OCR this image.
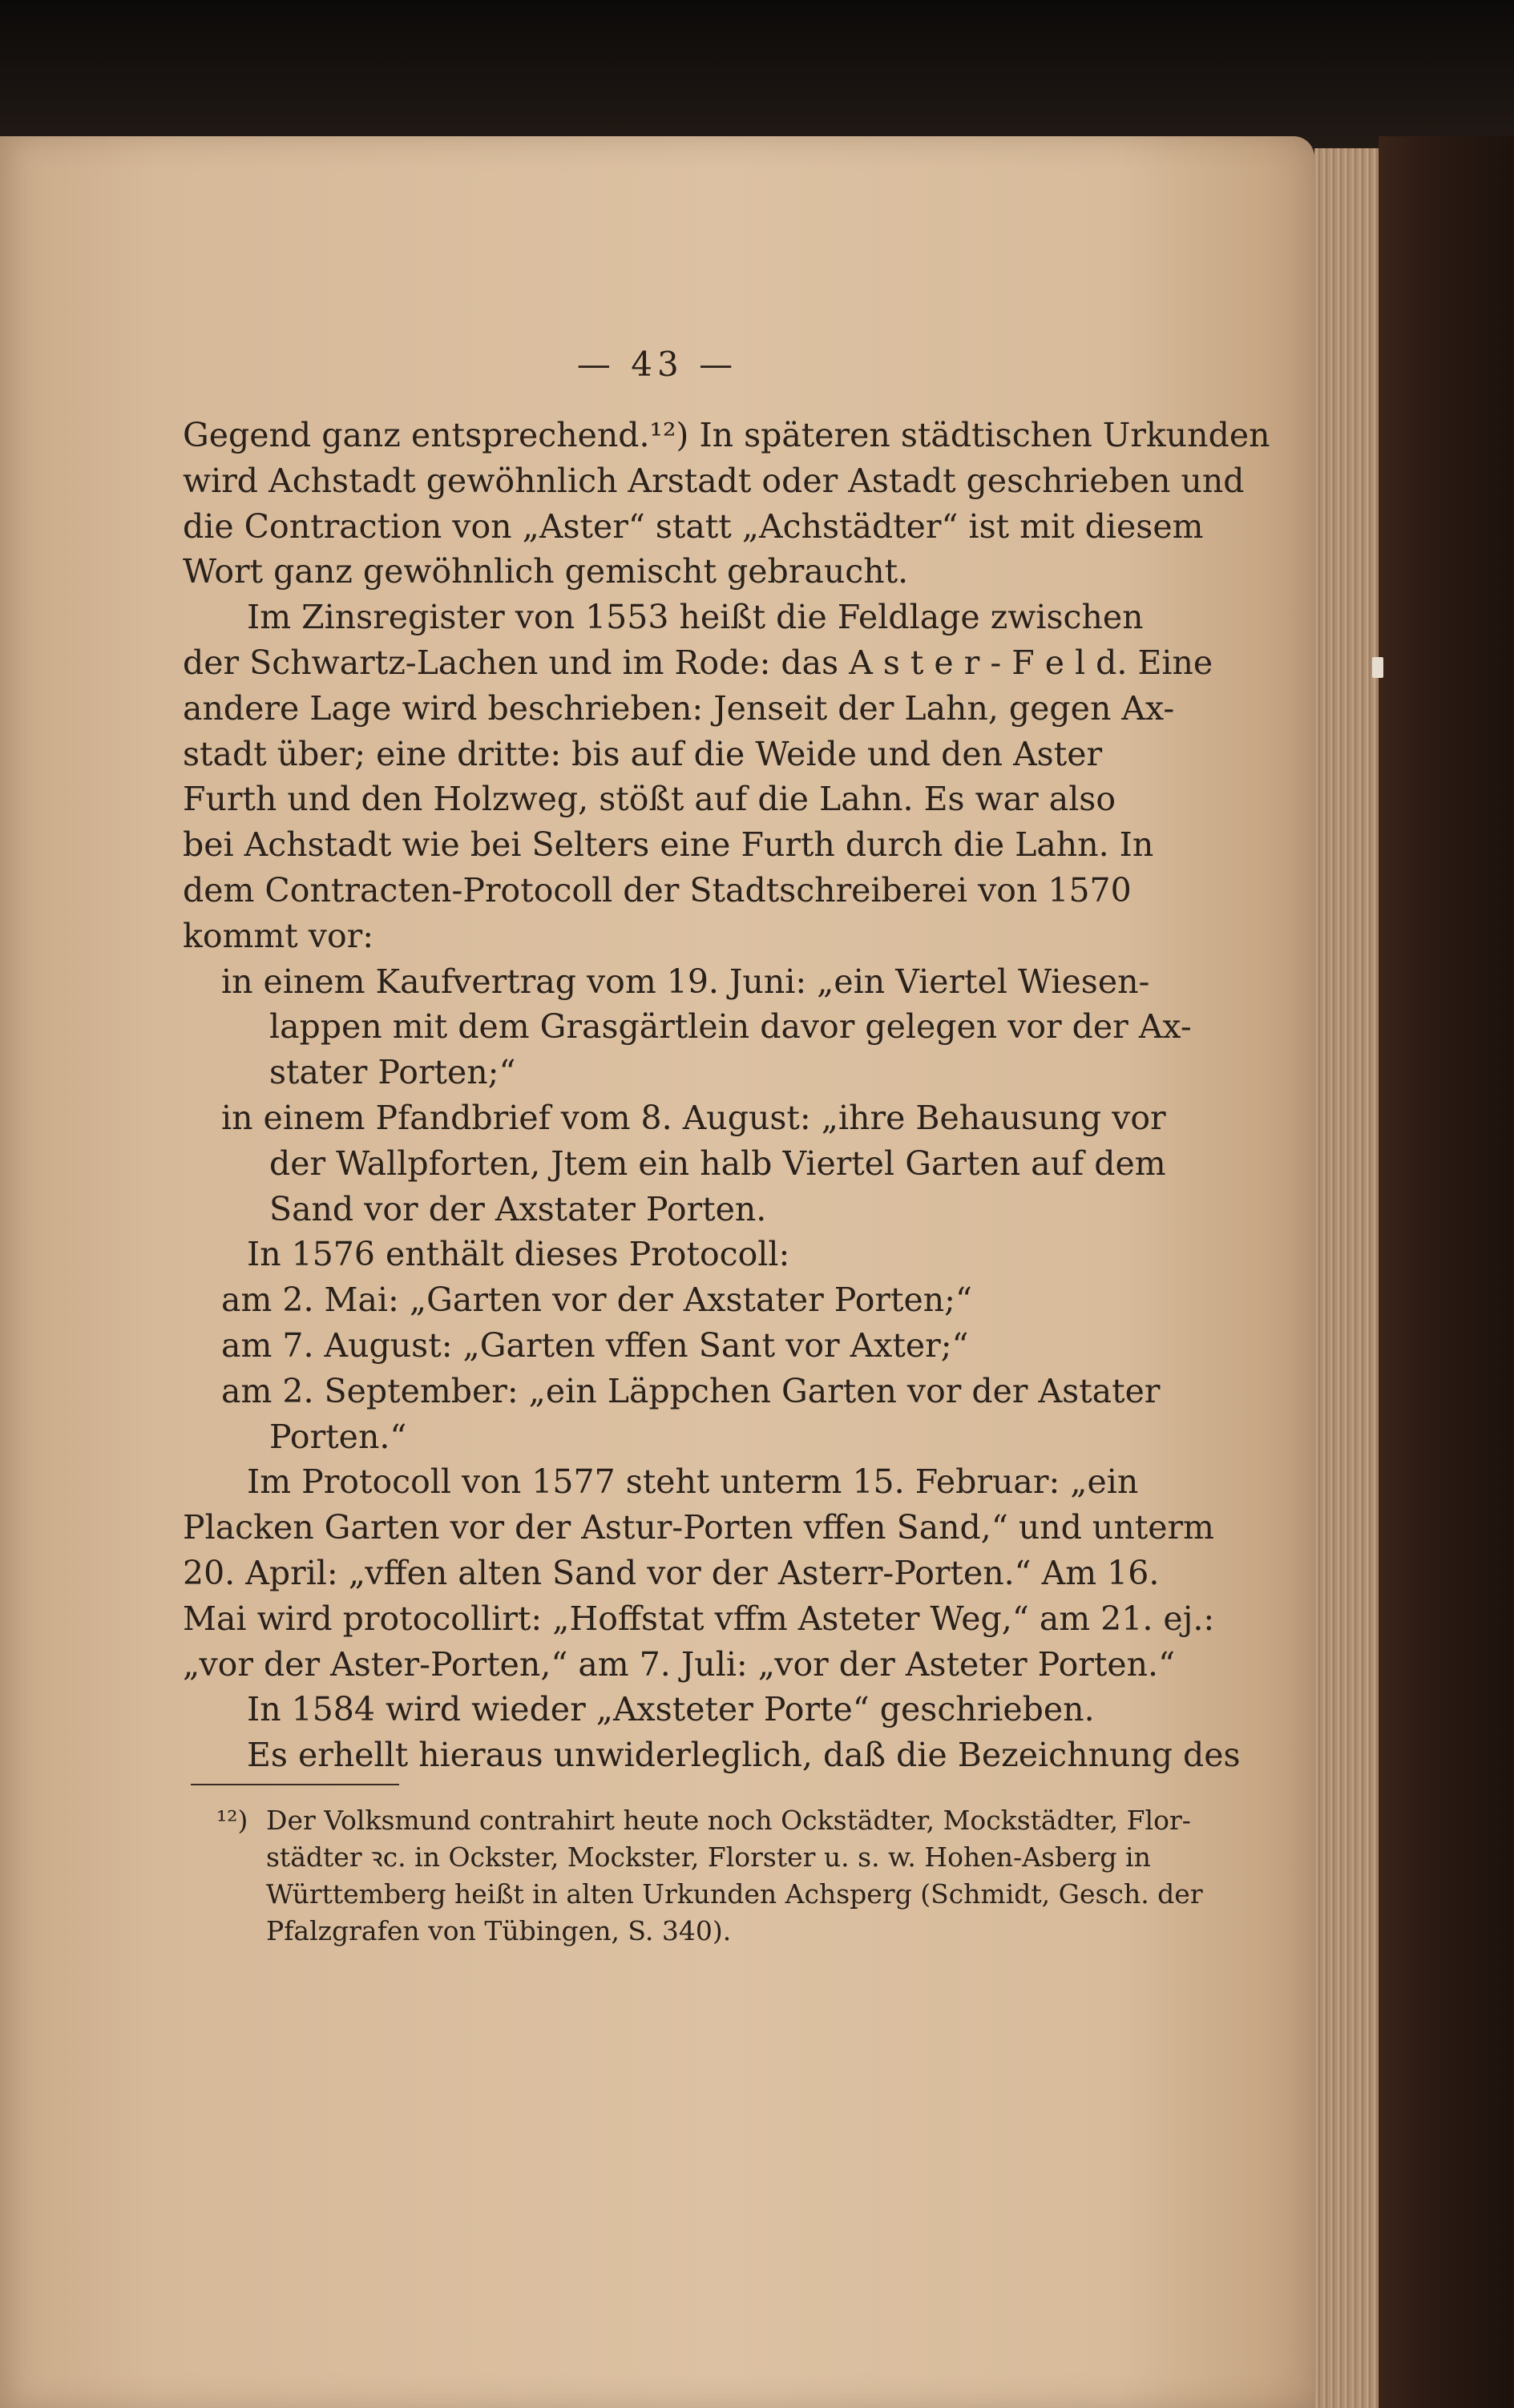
— 43 —
Gegend ganz entsprechend.¹²) In späteren städtischen Urkunden
wird Achstadt gewöhnlich Arstadt oder Astadt geschrieben und
die Contraction von „Aster“ statt „Achstädter“ ist mit diesem
Wort ganz gewöhnlich gemischt gebraucht.
Im Zinsregister von 1553 heißt die Feldlage zwischen
der Schwartz-Lachen und im Rode: das A s t e r - F e l d. Eine
andere Lage wird beschrieben: Jenseit der Lahn, gegen Ax-
stadt über; eine dritte: bis auf die Weide und den Aster
Furth und den Holzweg, stößt auf die Lahn. Es war also
bei Achstadt wie bei Selters eine Furth durch die Lahn. In
dem Contracten-Protocoll der Stadtschreiberei von 1570
kommt vor:
in einem Kaufvertrag vom 19. Juni: „ein Viertel Wiesen-
lappen mit dem Grasgärtlein davor gelegen vor der Ax-
stater Porten;“
in einem Pfandbrief vom 8. August: „ihre Behausung vor
der Wallpforten, Jtem ein halb Viertel Garten auf dem
Sand vor der Axstater Porten.
In 1576 enthält dieses Protocoll:
am 2. Mai: „Garten vor der Axstater Porten;“
am 7. August: „Garten vffen Sant vor Axter;“
am 2. September: „ein Läppchen Garten vor der Astater
Porten.“
Im Protocoll von 1577 steht unterm 15. Februar: „ein
Placken Garten vor der Astur-Porten vffen Sand,“ und unterm
20. April: „vffen alten Sand vor der Asterr-Porten.“ Am 16.
Mai wird protocollirt: „Hoffstat vffm Asteter Weg,“ am 21. ej.:
„vor der Aster-Porten,“ am 7. Juli: „vor der Asteter Porten.“
In 1584 wird wieder „Axsteter Porte“ geschrieben.
Es erhellt hieraus unwiderleglich, daß die Bezeichnung des
¹²) Der Volksmund contrahirt heute noch Ockstädter, Mockstädter, Flor-
städter ꝛc. in Ockster, Mockster, Florster u. s. w. Hohen-Asberg in
Württemberg heißt in alten Urkunden Achsperg (Schmidt, Gesch. der
Pfalzgrafen von Tübingen, S. 340).
